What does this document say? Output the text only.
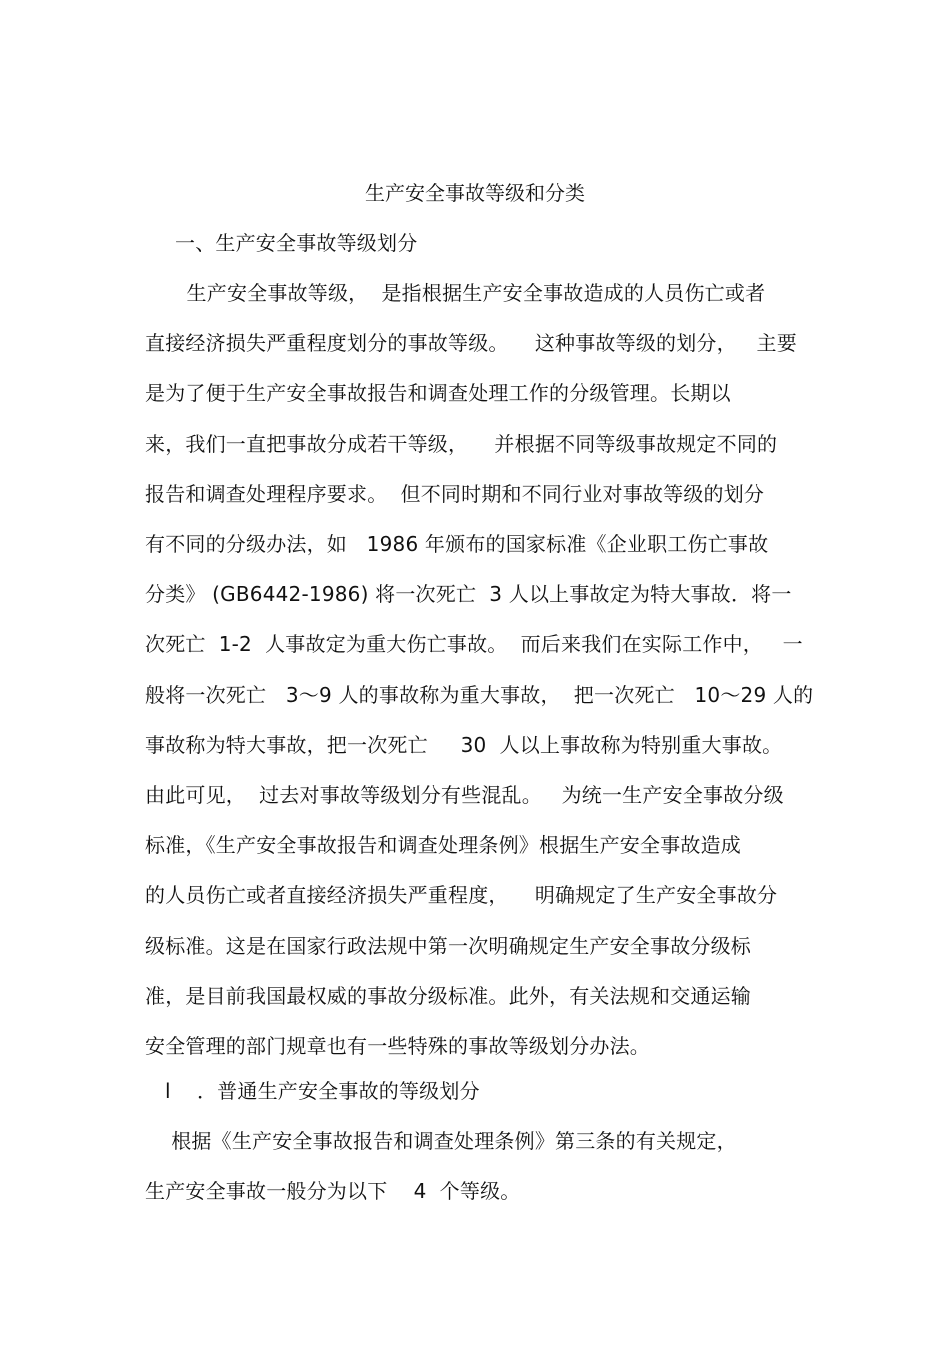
生产安全事故等级和分类
一、生产安全事故等级划分
生产安全事故等级，  是指根据生产安全事故造成的人员伤亡或者
直接经济损失严重程度划分的事故等级。    这种事故等级的划分，   主要
是为了便于生产安全事故报告和调查处理工作的分级管理。长期以
来，我们一直把事故分成若干等级，    并根据不同等级事故规定不同的
报告和调查处理程序要求。  但不同时期和不同行业对事故等级的划分
有不同的分级办法，如   1986 年颁布的国家标准《企业职工伤亡事故
分类》 (GB6442-1986) 将一次死亡  3 人以上事故定为特大事故．将一
次死亡  1-2  人事故定为重大伤亡事故。  而后来我们在实际工作中，   一
般将一次死亡   3～9 人的事故称为重大事故，  把一次死亡   10～29 人的
事故称为特大事故，把一次死亡     30  人以上事故称为特别重大事故。
由此可见，  过去对事故等级划分有些混乱。   为统一生产安全事故分级
标准，《生产安全事故报告和调查处理条例》根据生产安全事故造成
的人员伤亡或者直接经济损失严重程度，    明确规定了生产安全事故分
级标准。这是在国家行政法规中第一次明确规定生产安全事故分级标
准，是目前我国最权威的事故分级标准。此外，有关法规和交通运输
安全管理的部门规章也有一些特殊的事故等级划分办法。
l    ．普通生产安全事故的等级划分
根据《生产安全事故报告和调查处理条例》第三条的有关规定，
生产安全事故一般分为以下    4  个等级。
